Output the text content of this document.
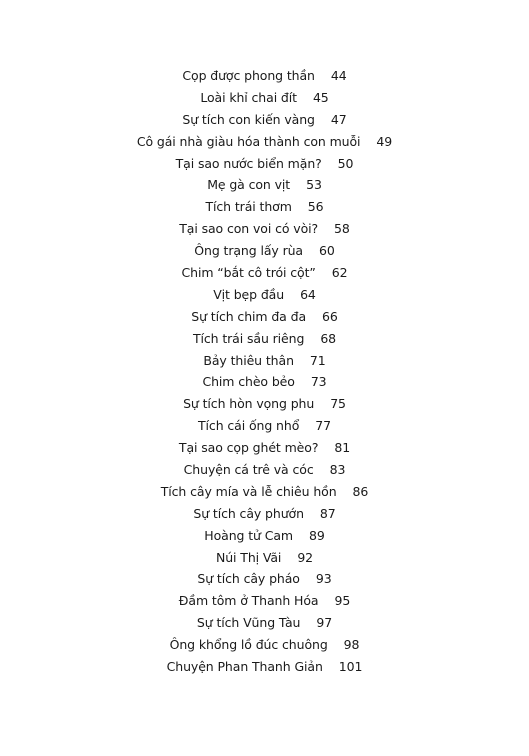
Cọp được phong thần 44
Loài khỉ chai đít 45
Sự tích con kiến vàng 47
Cô gái nhà giàu hóa thành con muỗi 49
Tại sao nước biển mặn? 50
Mẹ gà con vịt 53
Tích trái thơm 56
Tại sao con voi có vòi? 58
Ông trạng lấy rùa 60
Chim “bắt cô trói cột” 62
Vịt bẹp đầu 64
Sự tích chim đa đa 66
Tích trái sầu riêng 68
Bảy thiêu thân 71
Chim chèo bẻo 73
Sự tích hòn vọng phu 75
Tích cái ống nhổ 77
Tại sao cọp ghét mèo? 81
Chuyện cá trê và cóc 83
Tích cây mía và lễ chiêu hồn 86
Sự tích cây phướn 87
Hoàng tử Cam 89
Núi Thị Vãi 92
Sự tích cây pháo 93
Đầm tôm ở Thanh Hóa 95
Sự tích Vũng Tàu 97
Ông khổng lồ đúc chuông 98
Chuyện Phan Thanh Giản 101
